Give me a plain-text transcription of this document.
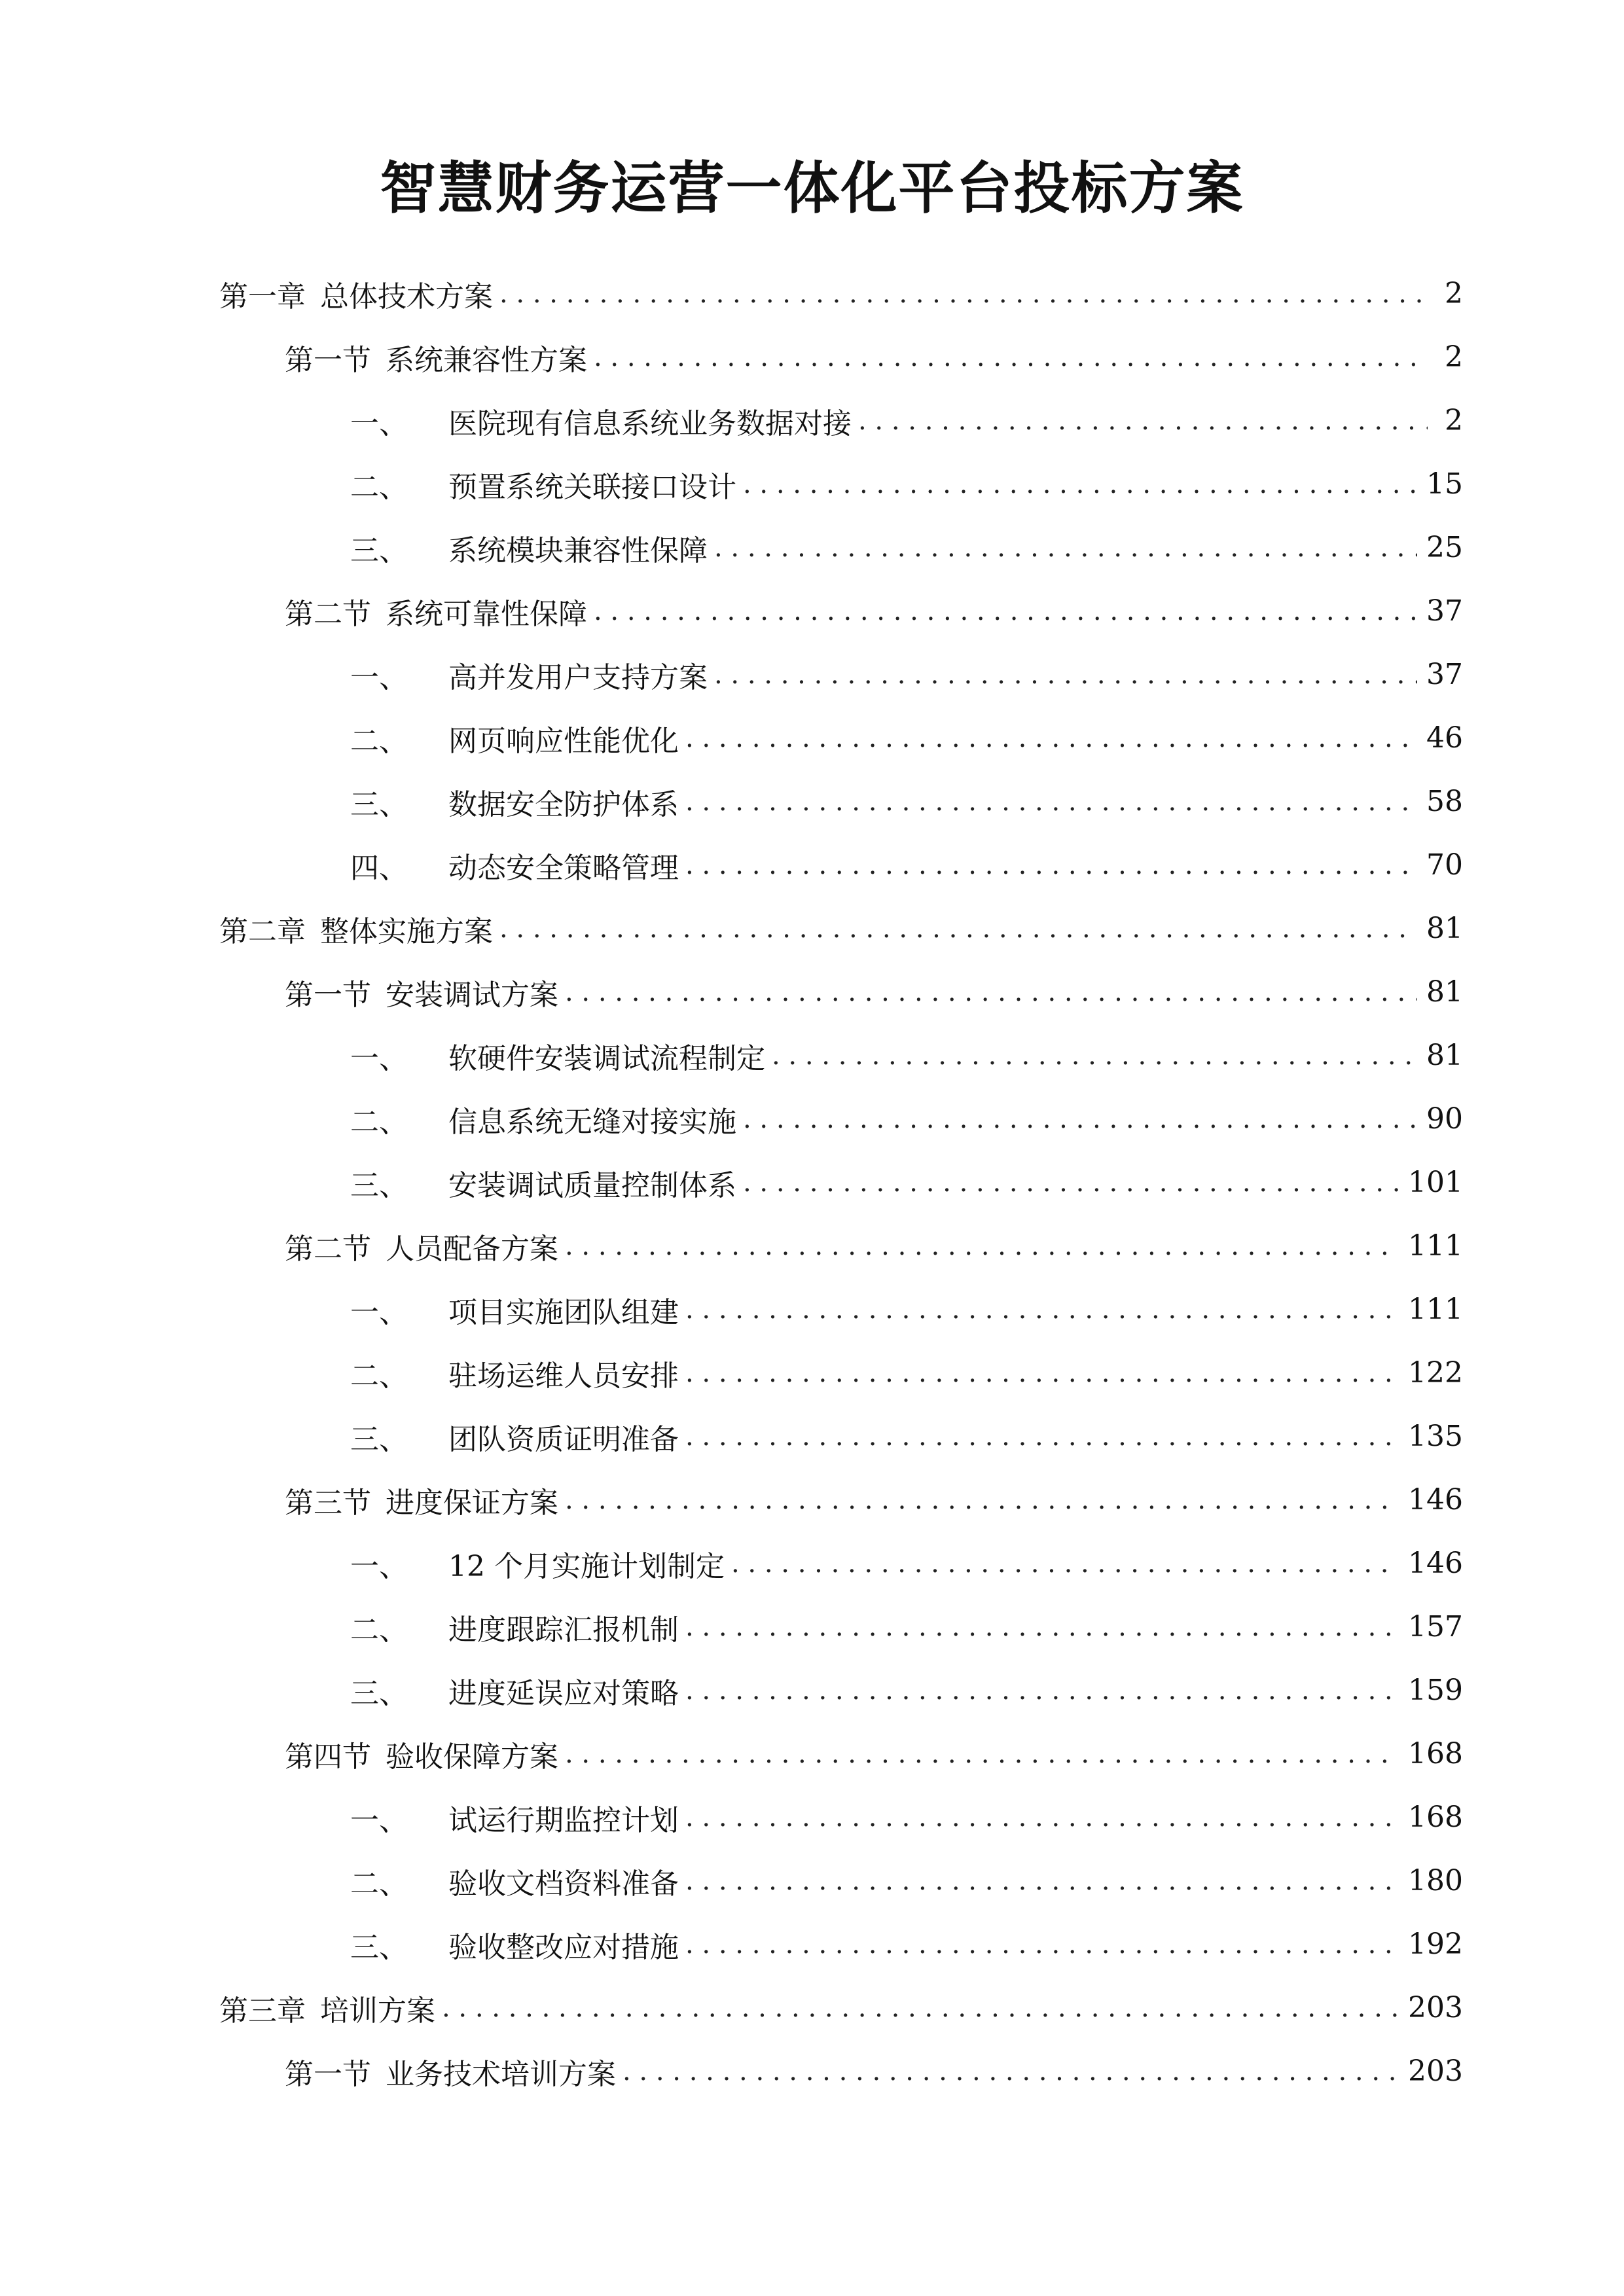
智慧财务运营一体化平台投标方案
第一章 总体技术方案 . . .	2
第一节 系统兼容性方案 . . .	2
一、	医院现有信息系统业务数据对接 . . .	2
二、	预置系统关联接口设计 . . .	15
三、	系统模块兼容性保障 . . .	25
第二节 系统可靠性保障 . . .	37
一、	高并发用户支持方案 . . .	37
二、	网页响应性能优化 . . .	46
三、	数据安全防护体系 . . .	58
四、	动态安全策略管理 . . .	70
第二章 整体实施方案 . . .	81
第一节 安装调试方案 . . .	81
一、	软硬件安装调试流程制定 . . .	81
二、	信息系统无缝对接实施 . . .	90
三、	安装调试质量控制体系 . . .	101
第二节 人员配备方案 . . .	111
一、	项目实施团队组建 . . .	111
二、	驻场运维人员安排 . . .	122
三、	团队资质证明准备 . . .	135
第三节 进度保证方案 . . .	146
一、	12 个月实施计划制定 . . .	146
二、	进度跟踪汇报机制 . . .	157
三、	进度延误应对策略 . . .	159
第四节 验收保障方案 . . .	168
一、	试运行期监控计划 . . .	168
二、	验收文档资料准备 . . .	180
三、	验收整改应对措施 . . .	192
第三章 培训方案 . . .	203
第一节 业务技术培训方案 . . .	203
